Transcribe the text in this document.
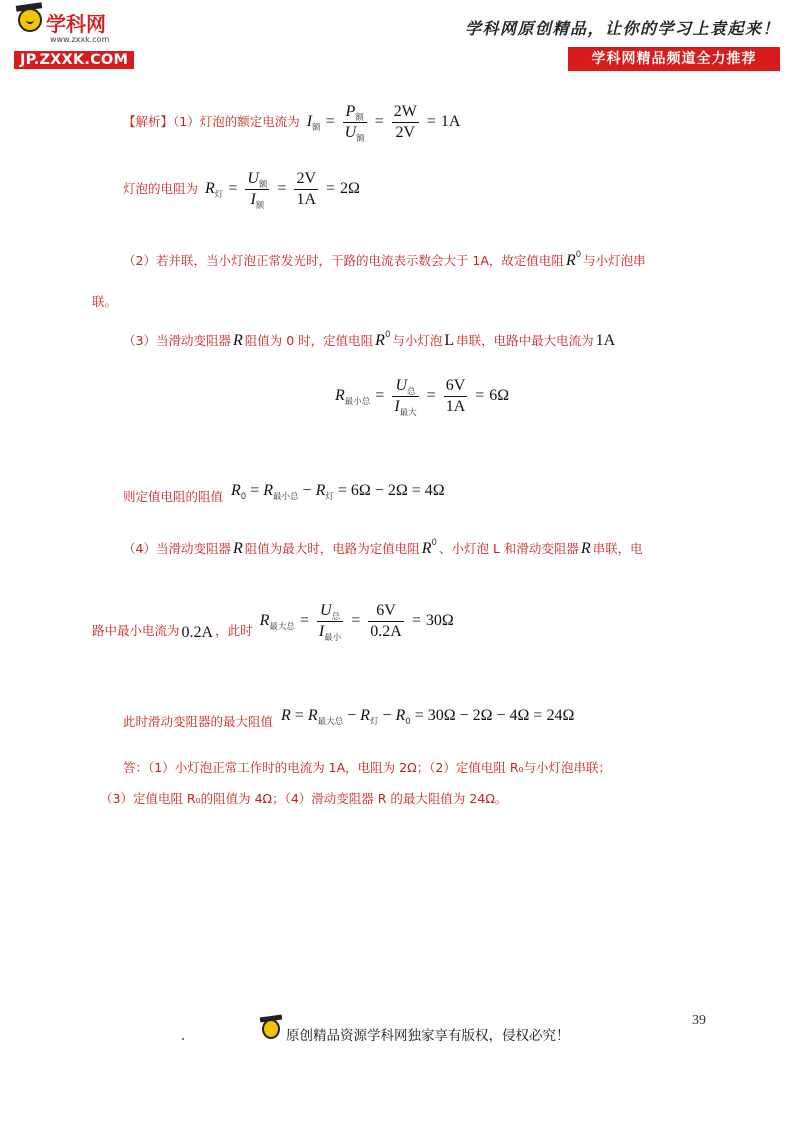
学科网
www.zxxk.com
JP.ZXXK.COM
学科网原创精品，让你的学习上袁起来！
学科网精品频道全力推荐
【解析】（1）灯泡的额定电流为 $I_额 = \frac{P_额}{U_额} = \frac{2W}{2V} = 1A$
灯泡的电阻为 $R_灯 = \frac{U_额}{I_额} = \frac{2V}{1A} = 2\Omega$
（2）若并联，当小灯泡正常发光时，干路的电流表示数会大于 1A，故定值电阻 $R^0$ 与小灯泡串
联。
（3）当滑动变阻器 R 阻值为 0 时，定值电阻 $R^0$ 与小灯泡 L 串联，电路中最大电流为 1A
$R_{最小总} = \frac{U_总}{I_{最大}} = \frac{6V}{1A} = 6\Omega$
$_{则定值电阻的阻值}$ $R_0 = R_{最小总} - R_灯 = 6\Omega - 2\Omega = 4\Omega$
（4）当滑动变阻器 R 阻值为最大时，电路为定值电阻 $R^0$ 、小灯泡 L 和滑动变阻器 R 串联，电
$_{路中最小电流为}$ 0.2A $_{,此时}$ $R_{最大总} = \frac{U_总}{I_{最小}} = \frac{6V}{0.2A} = 30\Omega$
$_{此时滑动变阻器的最大阻值}$ $R = R_{最大总} - R_灯 - R_0 = 30\Omega - 2\Omega - 4\Omega = 24\Omega$
答：（1）小灯泡正常工作时的电流为 1A，电阻为 2Ω；（2）定值电阻 R₀与小灯泡串联；
（3）定值电阻 R₀的阻值为 4Ω；（4）滑动变阻器 R 的最大阻值为 24Ω。
39
原创精品资源学科网独家享有版权，侵权必究！
